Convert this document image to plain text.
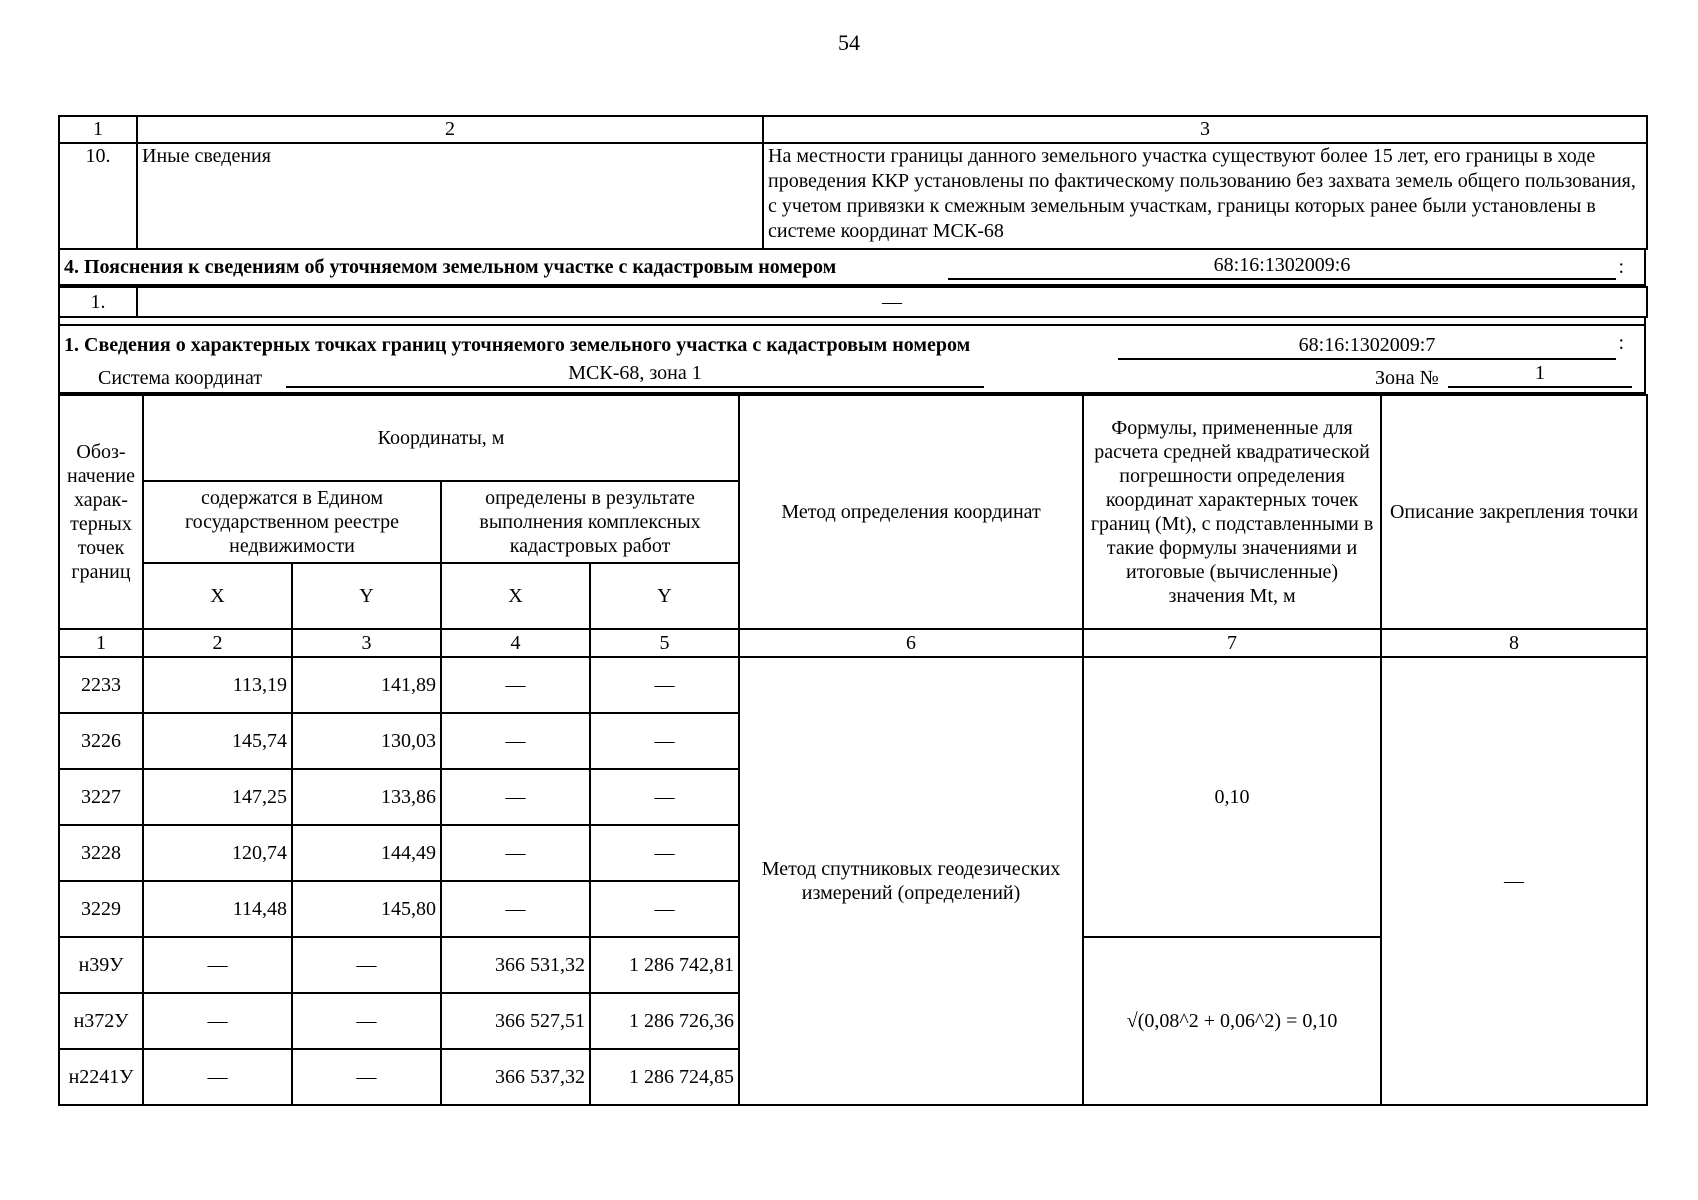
54
1	2	3
10.	Иные сведения	На местности границы данного земельного участка существуют более 15 лет, его границы в ходе проведения ККР установлены по фактическому пользованию без захвата земель общего пользования, с учетом привязки к смежным земельным участкам, границы которых ранее были установлены в системе координат МСК-68
4. Пояснения к сведениям об уточняемом земельном участке с кадастровым номером	68:16:1302009:6	:
1.	—
1. Сведения о характерных точках границ уточняемого земельного участка с кадастровым номером	68:16:1302009:7	:
Система координат	МСК-68, зона 1	Зона №	1
Обоз-начение харак-терных точек границ	Координаты, м				Метод определения координат	Формулы, примененные для расчета средней квадратической погрешности определения координат характерных точек границ (Mt), с подставленными в такие формулы значениями и итоговые (вычисленные) значения Mt, м	Описание закрепления точки
	содержатся в Едином государственном реестре недвижимости		определены в результате выполнения комплексных кадастровых работ				
	X	Y	X	Y			
1	2	3	4	5	6	7	8
2233	113,19	141,89	—	—	Метод спутниковых геодезических измерений (определений)	0,10	—
3226	145,74	130,03	—	—			
3227	147,25	133,86	—	—			
3228	120,74	144,49	—	—			
3229	114,48	145,80	—	—			
н39У	—	—	366 531,32	1 286 742,81		√(0,08^2 + 0,06^2) = 0,10	
н372У	—	—	366 527,51	1 286 726,36			
н2241У	—	—	366 537,32	1 286 724,85			
